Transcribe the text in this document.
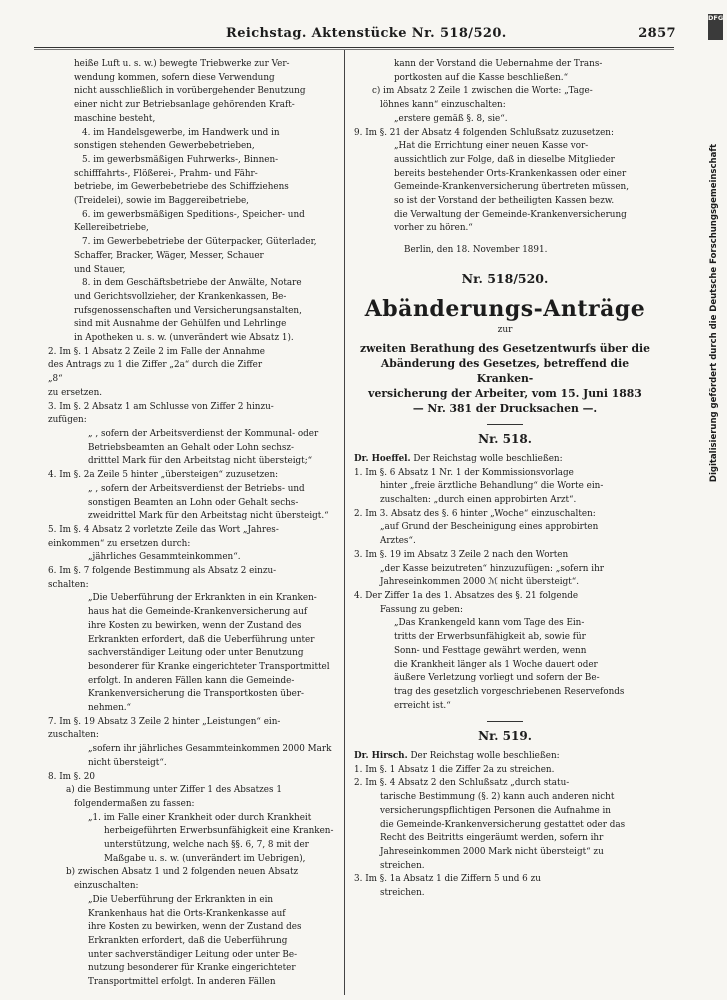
Reichstag. Aktenstücke Nr. 518/520.	2857

heiße Luft u. s. w.) bewegte Triebwerke zur Ver-

wendung kommen, sofern diese Verwendung

nicht ausschließlich in vorübergehender Benutzung

einer nicht zur Betriebsanlage gehörenden Kraft-

maschine besteht,

4. im Handelsgewerbe, im Handwerk und in

sonstigen stehenden Gewerbebetrieben,

5. im gewerbsmäßigen Fuhrwerks-, Binnen-

schifffahrts-, Flößerei-, Prahm- und Fähr-

betriebe, im Gewerbebetriebe des Schiffziehens

(Treidelei), sowie im Baggereibetriebe,

6. im gewerbsmäßigen Speditions-, Speicher- und

Kellereibetriebe,

7. im Gewerbebetriebe der Güterpacker, Güterlader,

Schaffer, Bracker, Wäger, Messer, Schauer

und Stauer,

8. in dem Geschäftsbetriebe der Anwälte, Notare

und Gerichtsvollzieher, der Krankenkassen, Be-

rufsgenossenschaften und Versicherungsanstalten,

sind mit Ausnahme der Gehülfen und Lehrlinge

in Apotheken u. s. w. (unverändert wie Absatz 1).

2. Im §. 1 Absatz 2 Zeile 2 im Falle der Annahme

des Antrags zu 1 die Ziffer „2a“ durch die Ziffer

„8“

zu ersetzen.

3. Im §. 2 Absatz 1 am Schlusse von Ziffer 2 hinzu-

zufügen:

„ , sofern der Arbeitsverdienst der Kommunal- oder

Betriebsbeamten an Gehalt oder Lohn sechsz-

dritttel Mark für den Arbeitstag nicht übersteigt;“

4. Im §. 2a Zeile 5 hinter „übersteigen“ zuzusetzen:

„ , sofern der Arbeitsverdienst der Betriebs- und

sonstigen Beamten an Lohn oder Gehalt sechs-

zweidrittel Mark für den Arbeitstag nicht übersteigt.“

5. Im §. 4 Absatz 2 vorletzte Zeile das Wort „Jahres-

einkommen“ zu ersetzen durch:

„jährliches Gesammteinkommen“.

6. Im §. 7 folgende Bestimmung als Absatz 2 einzu-

schalten:

„Die Ueberführung der Erkrankten in ein Kranken-

haus hat die Gemeinde-Krankenversicherung auf

ihre Kosten zu bewirken, wenn der Zustand des

Erkrankten erfordert, daß die Ueberführung unter

sachverständiger Leitung oder unter Benutzung

besonderer für Kranke eingerichteter Transportmittel

erfolgt. In anderen Fällen kann die Gemeinde-

Krankenversicherung die Transportkosten über-

nehmen.“

7. Im §. 19 Absatz 3 Zeile 2 hinter „Leistungen“ ein-

zuschalten:

„sofern ihr jährliches Gesammteinkommen 2000 Mark

nicht übersteigt“.

8. Im §. 20

a) die Bestimmung unter Ziffer 1 des Absatzes 1

folgendermaßen zu fassen:

„1. im Falle einer Krankheit oder durch Krankheit

herbeigeführten Erwerbsunfähigkeit eine Kranken-

unterstützung, welche nach §§. 6, 7, 8 mit der

Maßgabe u. s. w. (unverändert im Uebrigen),

b) zwischen Absatz 1 und 2 folgenden neuen Absatz

einzuschalten:

„Die Ueberführung der Erkrankten in ein

Krankenhaus hat die Orts-Krankenkasse auf

ihre Kosten zu bewirken, wenn der Zustand des

Erkrankten erfordert, daß die Ueberführung

unter sachverständiger Leitung oder unter Be-

nutzung besonderer für Kranke eingerichteter

Transportmittel erfolgt. In anderen Fällen

kann der Vorstand die Uebernahme der Trans-

portkosten auf die Kasse beschließen.“

c) im Absatz 2 Zeile 1 zwischen die Worte: „Tage-

löhnes kann“ einzuschalten:

„erstere gemäß §. 8, sie“.

9. Im §. 21 der Absatz 4 folgenden Schlußsatz zuzusetzen:

„Hat die Errichtung einer neuen Kasse vor-

aussichtlich zur Folge, daß in dieselbe Mitglieder

bereits bestehender Orts-Krankenkassen oder einer

Gemeinde-Krankenversicherung übertreten müssen,

so ist der Vorstand der betheiligten Kassen bezw.

die Verwaltung der Gemeinde-Krankenversicherung

vorher zu hören.“

Berlin, den 18. November 1891.

Nr. 518/520.
Abänderungs-Anträge
zur
zweiten Berathung des Gesetzentwurfs über die
Abänderung des Gesetzes, betreffend die Kranken-
versicherung der Arbeiter, vom 15. Juni 1883
— Nr. 381 der Drucksachen —.
Nr. 518.

Dr. Hoeffel. Der Reichstag wolle beschließen:

1. Im §. 6 Absatz 1 Nr. 1 der Kommissionsvorlage

hinter „freie ärztliche Behandlung“ die Worte ein-

zuschalten: „durch einen approbirten Arzt“.

2. Im 3. Absatz des §. 6 hinter „Woche“ einzuschalten:

„auf Grund der Bescheinigung eines approbirten

Arztes“.

3. Im §. 19 im Absatz 3 Zeile 2 nach den Worten

„der Kasse beizutreten“ hinzuzufügen: „sofern ihr

Jahreseinkommen 2000 ℳ nicht übersteigt“.

4. Der Ziffer 1a des 1. Absatzes des §. 21 folgende

Fassung zu geben:

„Das Krankengeld kann vom Tage des Ein-

tritts der Erwerbsunfähigkeit ab, sowie für

Sonn- und Festtage gewährt werden, wenn

die Krankheit länger als 1 Woche dauert oder

äußere Verletzung vorliegt und sofern der Be-

trag des gesetzlich vorgeschriebenen Reservefonds

erreicht ist.“

Nr. 519.

Dr. Hirsch. Der Reichstag wolle beschließen:

1. Im §. 1 Absatz 1 die Ziffer 2a zu streichen.

2. Im §. 4 Absatz 2 den Schlußsatz „durch statu-

tarische Bestimmung (§. 2) kann auch anderen nicht

versicherungspflichtigen Personen die Aufnahme in

die Gemeinde-Krankenversicherung gestattet oder das

Recht des Beitritts eingeräumt werden, sofern ihr

Jahreseinkommen 2000 Mark nicht übersteigt“ zu

streichen.

3. Im §. 1a Absatz 1 die Ziffern 5 und 6 zu

streichen.

DFG
Digitalisierung gefördert durch die Deutsche Forschungsgemeinschaft
